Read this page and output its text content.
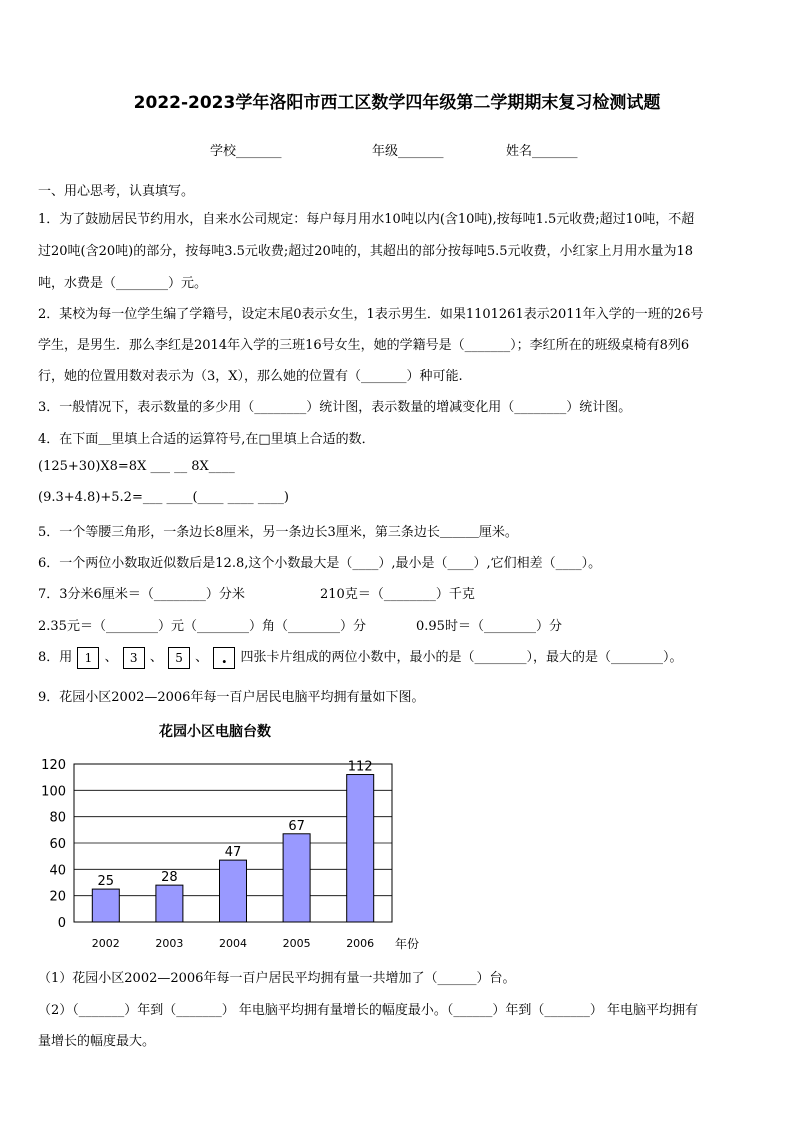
2022-2023学年洛阳市西工区数学四年级第二学期期末复习检测试题
学校_______	年级_______	姓名_______
一、用心思考，认真填写。
1．为了鼓励居民节约用水，自来水公司规定：每户每月用水10吨以内(含10吨),按每吨1.5元收费;超过10吨，不超
过20吨(含20吨)的部分，按每吨3.5元收费;超过20吨的，其超出的部分按每吨5.5元收费，小红家上月用水量为18
吨，水费是（________）元。
2．某校为每一位学生编了学籍号，设定末尾0表示女生，1表示男生．如果1101261表示2011年入学的一班的26号
学生，是男生．那么李红是2014年入学的三班16号女生，她的学籍号是（_______）；李红所在的班级桌椅有8列6
行，她的位置用数对表示为（3，X），那么她的位置有（_______）种可能.
3．一般情况下，表示数量的多少用（________）统计图，表示数量的增减变化用（________）统计图。
4．在下面＿里填上合适的运算符号,在□里填上合适的数．
(125+30)X8=8X ___ __ 8X____
(9.3+4.8)+5.2=___ ____(____ ____ ____)
5．一个等腰三角形，一条边长8厘米，另一条边长3厘米，第三条边长＿＿＿厘米。
6．一个两位小数取近似数后是12.8,这个小数最大是（____）,最小是（____）,它们相差（____）。
7．3分米6厘米＝（________）分米	210克＝（________）千克
2.35元＝（________）元（________）角（________）分	0.95时＝（________）分
8．用 1 、 3 、 5 、 . 四张卡片组成的两位小数中，最小的是（________），最大的是（________）。
9．花园小区2002—2006年每一百户居民电脑平均拥有量如下图。
花园小区电脑台数
0
20
40
60
80
100
120
25
2002
28
2003
47
2004
67
2005
112
2006 年份
（1）花园小区2002—2006年每一百户居民平均拥有量一共增加了（______）台。
（2）（_______）年到（_______） 年电脑平均拥有量增长的幅度最小。（______）年到（_______） 年电脑平均拥有
量增长的幅度最大。
